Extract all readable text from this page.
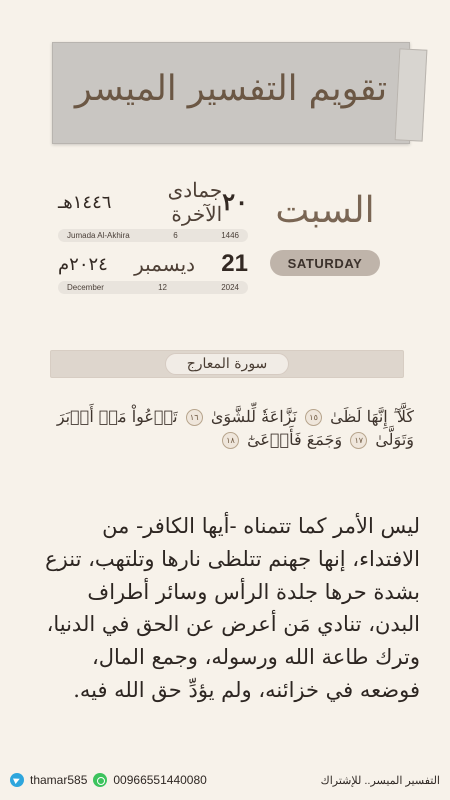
تقويم التفسير الميسر
٢٠
جمادى الآخرة
١٤٤٦هـ
Jumada Al-Akhira	6	1446
21
ديسمبر
٢٠٢٤م
December	12	2024
السبت
SATURDAY
سورة المعارج
كَلَّآ ۖ إِنَّهَا لَظَىٰ ١٥ نَزَّاعَةٗ لِّلشَّوَىٰ ١٦ تَدۡعُواْ مَنۡ أَدۡبَرَ
وَتَوَلَّىٰ ١٧ وَجَمَعَ فَأَوۡعَىٰٓ ١٨
ليس الأمر كما تتمناه -أيها الكافر- من الافتداء، إنها جهنم تتلظى نارها وتلتهب، تنزع بشدة حرها جلدة الرأس وسائر أطراف البدن، تنادي مَن أعرض عن الحق في الدنيا، وترك طاعة الله ورسوله، وجمع المال، فوضعه في خزائنه، ولم يؤدِّ حق الله فيه.
thamar585 00966551440080	التفسير الميسر.. للإشتراك
